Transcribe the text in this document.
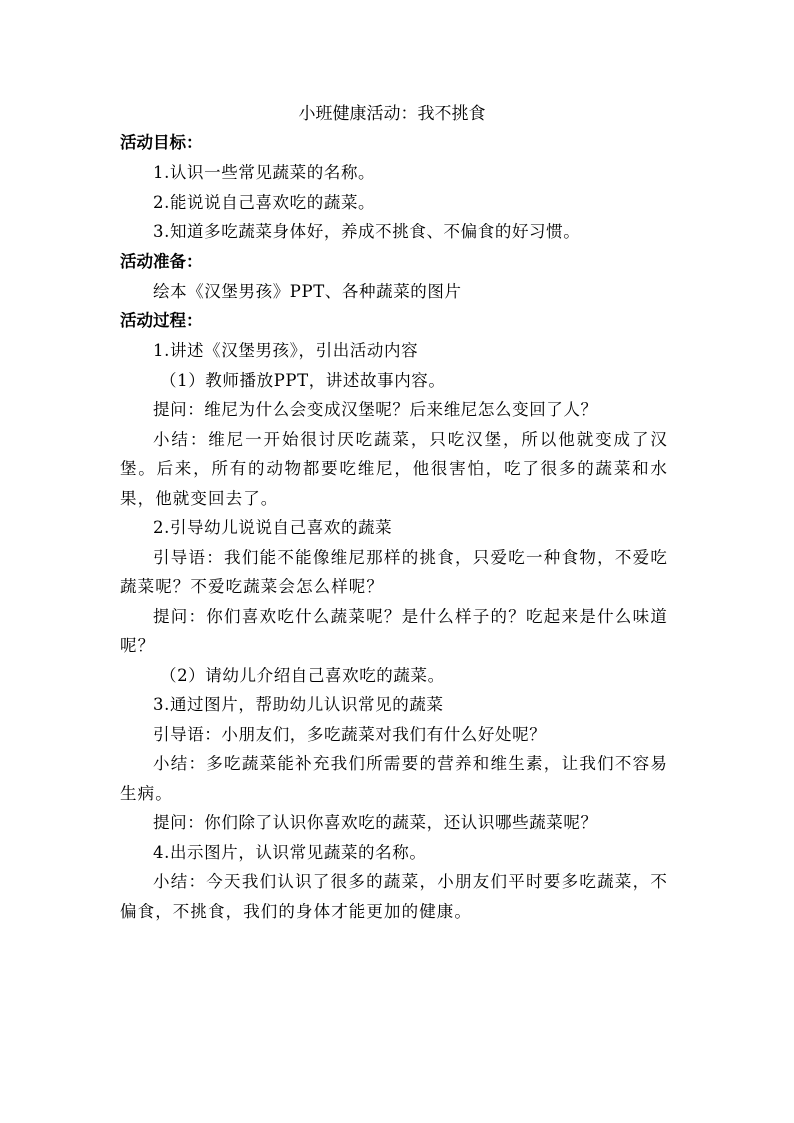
小班健康活动：我不挑食
活动目标：
1.认识一些常见蔬菜的名称。
2.能说说自己喜欢吃的蔬菜。
3.知道多吃蔬菜身体好，养成不挑食、不偏食的好习惯。
活动准备：
绘本《汉堡男孩》PPT、各种蔬菜的图片
活动过程：
1.讲述《汉堡男孩》，引出活动内容
（1）教师播放PPT，讲述故事内容。
提问：维尼为什么会变成汉堡呢？后来维尼怎么变回了人？
小结：维尼一开始很讨厌吃蔬菜，只吃汉堡，所以他就变成了汉堡。后来，所有的动物都要吃维尼，他很害怕，吃了很多的蔬菜和水果，他就变回去了。
2.引导幼儿说说自己喜欢的蔬菜
引导语：我们能不能像维尼那样的挑食，只爱吃一种食物，不爱吃蔬菜呢？不爱吃蔬菜会怎么样呢？
提问：你们喜欢吃什么蔬菜呢？是什么样子的？吃起来是什么味道呢？
（2）请幼儿介绍自己喜欢吃的蔬菜。
3.通过图片，帮助幼儿认识常见的蔬菜
引导语：小朋友们，多吃蔬菜对我们有什么好处呢？
小结：多吃蔬菜能补充我们所需要的营养和维生素，让我们不容易生病。
提问：你们除了认识你喜欢吃的蔬菜，还认识哪些蔬菜呢？
4.出示图片，认识常见蔬菜的名称。
小结：今天我们认识了很多的蔬菜，小朋友们平时要多吃蔬菜，不偏食，不挑食，我们的身体才能更加的健康。
